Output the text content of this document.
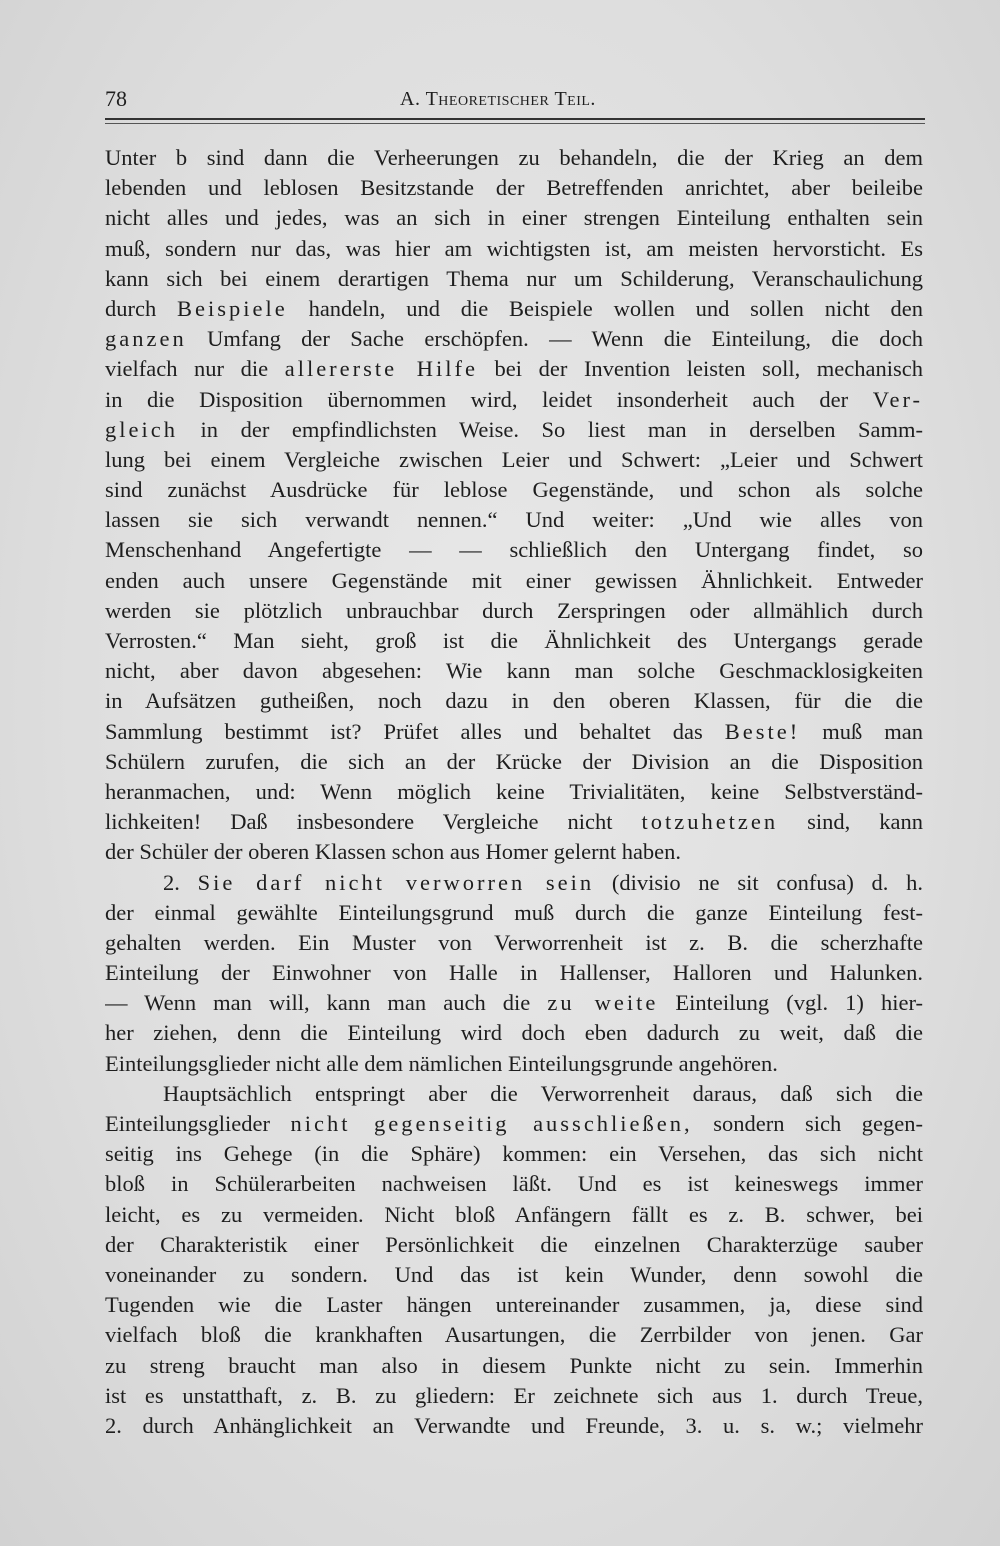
78	A. Theoretischer Teil.
Unter b sind dann die Verheerungen zu behandeln, die der Krieg an dem
lebenden und leblosen Besitzstande der Betreffenden anrichtet, aber beileibe
nicht alles und jedes, was an sich in einer strengen Einteilung enthalten sein
muß, sondern nur das, was hier am wichtigsten ist, am meisten hervorsticht. Es
kann sich bei einem derartigen Thema nur um Schilderung, Veranschaulichung
durch Beispiele handeln, und die Beispiele wollen und sollen nicht den
ganzen Umfang der Sache erschöpfen. — Wenn die Einteilung, die doch
vielfach nur die allererste Hilfe bei der Invention leisten soll, mechanisch
in die Disposition übernommen wird, leidet insonderheit auch der Ver-
gleich in der empfindlichsten Weise. So liest man in derselben Samm-
lung bei einem Vergleiche zwischen Leier und Schwert: „Leier und Schwert
sind zunächst Ausdrücke für leblose Gegenstände, und schon als solche
lassen sie sich verwandt nennen.“ Und weiter: „Und wie alles von
Menschenhand Angefertigte — — schließlich den Untergang findet, so
enden auch unsere Gegenstände mit einer gewissen Ähnlichkeit. Entweder
werden sie plötzlich unbrauchbar durch Zerspringen oder allmählich durch
Verrosten.“ Man sieht, groß ist die Ähnlichkeit des Untergangs gerade
nicht, aber davon abgesehen: Wie kann man solche Geschmacklosigkeiten
in Aufsätzen gutheißen, noch dazu in den oberen Klassen, für die die
Sammlung bestimmt ist? Prüfet alles und behaltet das Beste! muß man
Schülern zurufen, die sich an der Krücke der Division an die Disposition
heranmachen, und: Wenn möglich keine Trivialitäten, keine Selbstverständ-
lichkeiten! Daß insbesondere Vergleiche nicht totzuhetzen sind, kann
der Schüler der oberen Klassen schon aus Homer gelernt haben.
2. Sie darf nicht verworren sein (divisio ne sit confusa) d. h.
der einmal gewählte Einteilungsgrund muß durch die ganze Einteilung fest-
gehalten werden. Ein Muster von Verworrenheit ist z. B. die scherzhafte
Einteilung der Einwohner von Halle in Hallenser, Halloren und Halunken.
— Wenn man will, kann man auch die zu weite Einteilung (vgl. 1) hier-
her ziehen, denn die Einteilung wird doch eben dadurch zu weit, daß die
Einteilungsglieder nicht alle dem nämlichen Einteilungsgrunde angehören.
Hauptsächlich entspringt aber die Verworrenheit daraus, daß sich die
Einteilungsglieder nicht gegenseitig ausschließen, sondern sich gegen-
seitig ins Gehege (in die Sphäre) kommen: ein Versehen, das sich nicht
bloß in Schülerarbeiten nachweisen läßt. Und es ist keineswegs immer
leicht, es zu vermeiden. Nicht bloß Anfängern fällt es z. B. schwer, bei
der Charakteristik einer Persönlichkeit die einzelnen Charakterzüge sauber
voneinander zu sondern. Und das ist kein Wunder, denn sowohl die
Tugenden wie die Laster hängen untereinander zusammen, ja, diese sind
vielfach bloß die krankhaften Ausartungen, die Zerrbilder von jenen. Gar
zu streng braucht man also in diesem Punkte nicht zu sein. Immerhin
ist es unstatthaft, z. B. zu gliedern: Er zeichnete sich aus 1. durch Treue,
2. durch Anhänglichkeit an Verwandte und Freunde, 3. u. s. w.; vielmehr
